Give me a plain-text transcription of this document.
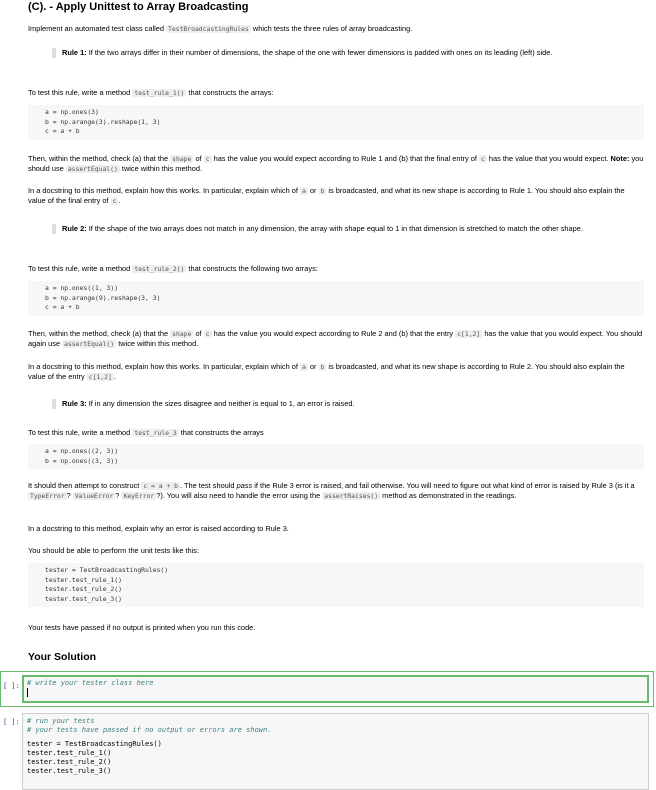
(C). - Apply Unittest to Array Broadcasting

Implement an automated test class called TestBroadcastingRules which tests the three rules of array broadcasting.

Rule 1: If the two arrays differ in their number of dimensions, the shape of the one with fewer dimensions is padded with ones on its leading (left) side.

To test this rule, write a method test_rule_1() that constructs the arrays:

a = np.ones(3)
b = np.arange(3).reshape(1, 3)
c = a + b

Then, within the method, check (a) that the shape of c has the value you would expect according to Rule 1 and (b) that the final entry of c has the value that you would expect. Note: you should use assertEqual() twice within this method.

In a docstring to this method, explain how this works. In particular, explain which of a or b is broadcasted, and what its new shape is according to Rule 1. You should also explain the value of the final entry of c .

Rule 2: If the shape of the two arrays does not match in any dimension, the array with shape equal to 1 in that dimension is stretched to match the other shape.

To test this rule, write a method test_rule_2() that constructs the following two arrays:

a = np.ones((1, 3))
b = np.arange(9).reshape(3, 3)
c = a + b

Then, within the method, check (a) that the shape of c has the value you would expect according to Rule 2 and (b) that the entry c[1,2] has the value that you would expect. You should again use assertEqual() twice within this method.

In a docstring to this method, explain how this works. In particular, explain which of a or b is broadcasted, and what its new shape is according to Rule 2. You should also explain the value of the entry c[1,2] .

Rule 3: If in any dimension the sizes disagree and neither is equal to 1, an error is raised.

To test this rule, write a method test_rule_3 that constructs the arrays

a = np.ones((2, 3))
b = np.ones((3, 3))

It should then attempt to construct c = a + b . The test should pass if the Rule 3 error is raised, and fail otherwise. You will need to figure out what kind of error is raised by Rule 3 (is it a TypeError ? ValueError ? KeyError ?). You will also need to handle the error using the assertRaises() method as demonstrated in the readings.

In a docstring to this method, explain why an error is raised according to Rule 3.

You should be able to perform the unit tests like this:

tester = TestBroadcastingRules()
tester.test_rule_1()
tester.test_rule_2()
tester.test_rule_3()

Your tests have passed if no output is printed when you run this code.

Your Solution
[ ]: # write your tester class here
[ ]: # run your tests
# your tests have passed if no output or errors are shown.
tester = TestBroadcastingRules()
tester.test_rule_1()
tester.test_rule_2()
tester.test_rule_3()
